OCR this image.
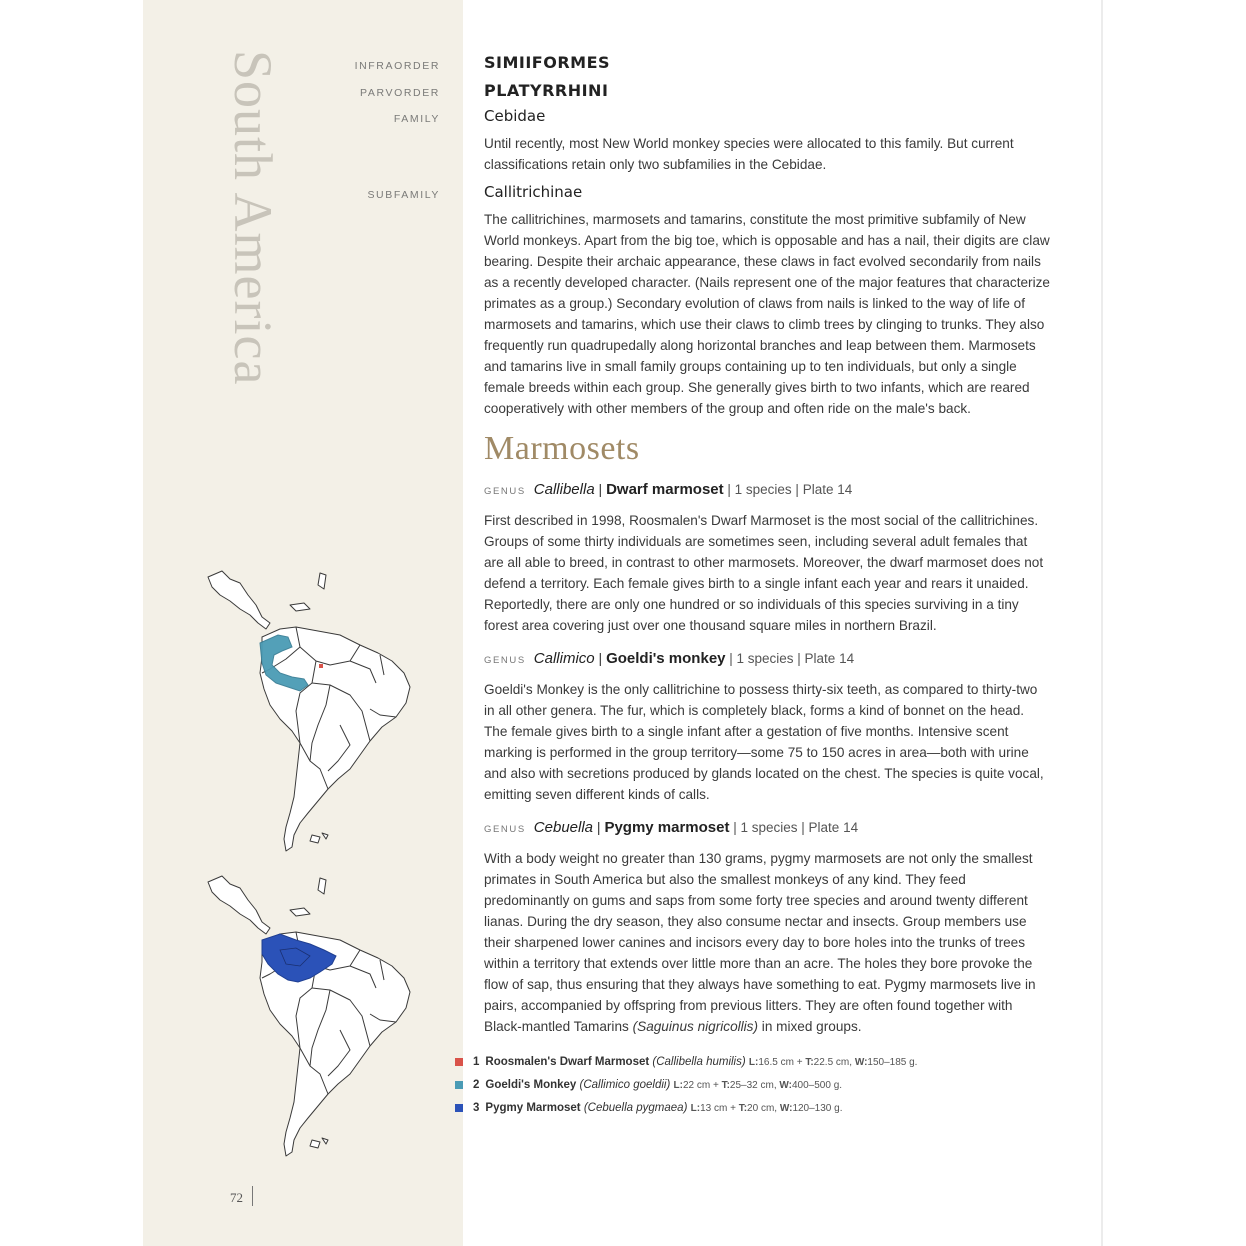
South America	INFRAORDER	SIMIIFORMES
PARVORDER	PLATYRRHINI
FAMILY	Cebidae
Until recently, most New World monkey species were allocated to this family. But current classifications retain only two subfamilies in the Cebidae.
SUBFAMILY	Callitrichinae
The callitrichines, marmosets and tamarins, constitute the most primitive subfamily of New World monkeys. Apart from the big toe, which is opposable and has a nail, their digits are claw bearing. Despite their archaic appearance, these claws in fact evolved secondarily from nails as a recently developed character. (Nails represent one of the major features that characterize primates as a group.) Secondary evolution of claws from nails is linked to the way of life of marmosets and tamarins, which use their claws to climb trees by clinging to trunks. They also frequently run quadrupedally along horizontal branches and leap between them. Marmosets and tamarins live in small family groups containing up to ten individuals, but only a single female breeds within each group. She generally gives birth to two infants, which are reared cooperatively with other members of the group and often ride on the male's back.
Marmosets
GENUS Callibella | Dwarf marmoset | 1 species | Plate 14
First described in 1998, Roosmalen's Dwarf Marmoset is the most social of the callitrichines. Groups of some thirty individuals are sometimes seen, including several adult females that are all able to breed, in contrast to other marmosets. Moreover, the dwarf marmoset does not defend a territory. Each female gives birth to a single infant each year and rears it unaided. Reportedly, there are only one hundred or so individuals of this species surviving in a tiny forest area covering just over one thousand square miles in northern Brazil.
GENUS Callimico | Goeldi's monkey | 1 species | Plate 14
Goeldi's Monkey is the only callitrichine to possess thirty-six teeth, as compared to thirty-two in all other genera. The fur, which is completely black, forms a kind of bonnet on the head. The female gives birth to a single infant after a gestation of five months. Intensive scent marking is performed in the group territory—some 75 to 150 acres in area—both with urine and also with secretions produced by glands located on the chest. The species is quite vocal, emitting seven different kinds of calls.
GENUS Cebuella | Pygmy marmoset | 1 species | Plate 14
With a body weight no greater than 130 grams, pygmy marmosets are not only the smallest primates in South America but also the smallest monkeys of any kind. They feed predominantly on gums and saps from some forty tree species and around twenty different lianas. During the dry season, they also consume nectar and insects. Group members use their sharpened lower canines and incisors every day to bore holes into the trunks of trees within a territory that extends over little more than an acre. The holes they bore provoke the flow of sap, thus ensuring that they always have something to eat. Pygmy marmosets live in pairs, accompanied by offspring from previous litters. They are often found together with Black-mantled Tamarins (Saguinus nigricollis) in mixed groups.
1 Roosmalen's Dwarf Marmoset (Callibella humilis) L:16.5 cm + T:22.5 cm, W:150–185 g.
2 Goeldi's Monkey (Callimico goeldii) L:22 cm + T:25–32 cm, W:400–500 g.
3 Pygmy Marmoset (Cebuella pygmaea) L:13 cm + T:20 cm, W:120–130 g.
72
